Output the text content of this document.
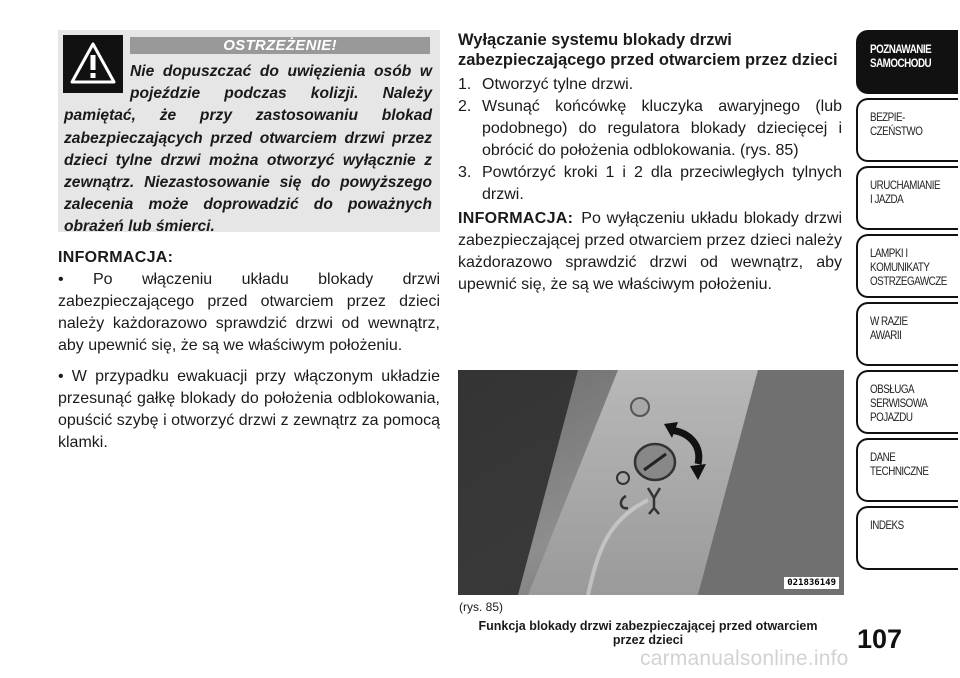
OSTRZEŻENIE!

Nie dopuszczać do uwięzienia osób w pojeździe podczas kolizji. Należy pamiętać, że przy zastosowaniu blokad zabezpieczających przed otwarciem drzwi przez dzieci tylne drzwi można otworzyć wyłącznie z zewnątrz. Niezastosowanie się do powyższego zalecenia może doprowadzić do poważnych obrażeń lub śmierci.

INFORMACJA:

• Po włączeniu układu blokady drzwi zabezpieczającego przed otwarciem przez dzieci należy każdorazowo sprawdzić drzwi od wewnątrz, aby upewnić się, że są we właściwym położeniu.

• W przypadku ewakuacji przy włączonym układzie przesunąć gałkę blokady do położenia odblokowania, opuścić szybę i otworzyć drzwi z zewnątrz za pomocą klamki.

Wyłączanie systemu blokady drzwi zabezpieczającego przed otwarciem przez dzieci
1. Otworzyć tylne drzwi.
2. Wsunąć końcówkę kluczyka awaryjnego (lub podobnego) do regulatora blokady dziecięcej i obrócić do położenia odblokowania. (rys. 85)
3. Powtórzyć kroki 1 i 2 dla przeciwległych tylnych drzwi.

INFORMACJA: Po wyłączeniu układu blokady drzwi zabezpieczającej przed otwarciem przez dzieci należy każdorazowo sprawdzić drzwi od wewnątrz, aby upewnić się, że są we właściwym położeniu.

021836149
(rys. 85)
Funkcja blokady drzwi zabezpieczającej przed otwarciem przez dzieci
POZNAWANIE
SAMOCHODU
BEZPIE-
CZEŃSTWO
URUCHAMIANIE
I JAZDA
LAMPKI I
KOMUNIKATY
OSTRZEGAWCZE
W RAZIE
AWARII
OBSŁUGA
SERWISOWA
POJAZDU
DANE
TECHNICZNE
INDEKS
107
carmanualsonline.info
